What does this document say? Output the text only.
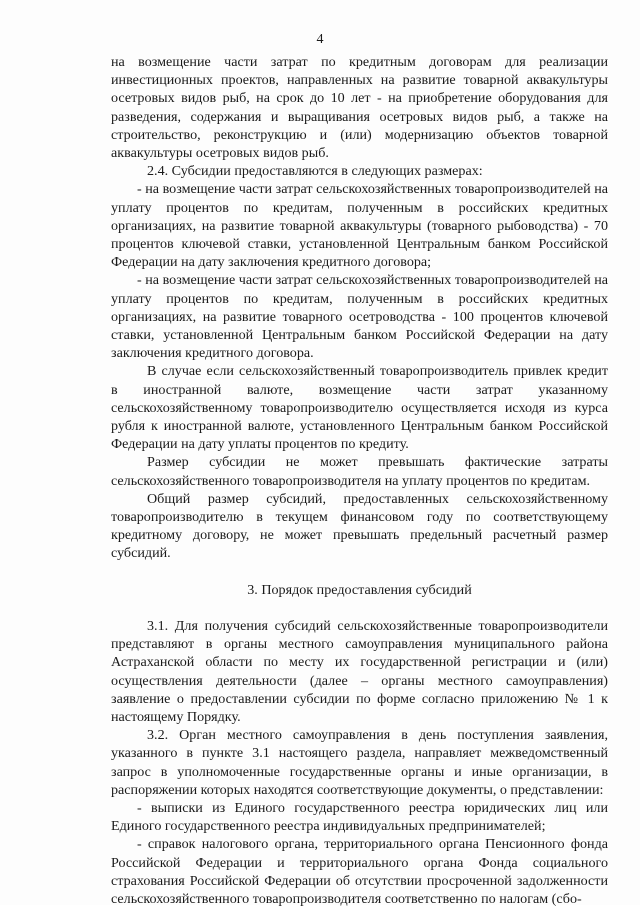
4

на возмещение части затрат по кредитным договорам для реализации инвестиционных проектов, направленных на развитие товарной аквакультуры осетровых видов рыб, на срок до 10 лет - на приобретение оборудования для разведения, содержания и выращивания осетровых видов рыб, а также на строительство, реконструкцию и (или) модернизацию объектов товарной аквакультуры осетровых видов рыб.

2.4. Субсидии предоставляются в следующих размерах:

- на возмещение части затрат сельскохозяйственных товаропроизводителей на уплату процентов по кредитам, полученным в российских кредитных организациях, на развитие товарной аквакультуры (товарного рыбоводства) - 70 процентов ключевой ставки, установленной Центральным банком Российской Федерации на дату заключения кредитного договора;

- на возмещение части затрат сельскохозяйственных товаропроизводителей на уплату процентов по кредитам, полученным в российских кредитных организациях, на развитие товарного осетроводства - 100 процентов ключевой ставки, установленной Центральным банком Российской Федерации на дату заключения кредитного договора.

В случае если сельскохозяйственный товаропроизводитель привлек кредит в иностранной валюте, возмещение части затрат указанному сельскохозяйственному товаропроизводителю осуществляется исходя из курса рубля к иностранной валюте, установленного Центральным банком Российской Федерации на дату уплаты процентов по кредиту.

Размер субсидии не может превышать фактические затраты сельскохозяйственного товаропроизводителя на уплату процентов по кредитам.

Общий размер субсидий, предоставленных сельскохозяйственному товаропроизводителю в текущем финансовом году по соответствующему кредитному договору, не может превышать предельный расчетный размер субсидий.

3. Порядок предоставления субсидий

3.1. Для получения субсидий сельскохозяйственные товаропроизводители представляют в органы местного самоуправления муниципального района Астраханской области по месту их государственной регистрации и (или) осуществления деятельности (далее – органы местного самоуправления) заявление о предоставлении субсидии по форме согласно приложению № 1 к настоящему Порядку.

3.2. Орган местного самоуправления в день поступления заявления, указанного в пункте 3.1 настоящего раздела, направляет межведомственный запрос в уполномоченные государственные органы и иные организации, в распоряжении которых находятся соответствующие документы, о представлении:

- выписки из Единого государственного реестра юридических лиц или Единого государственного реестра индивидуальных предпринимателей;

- справок налогового органа, территориального органа Пенсионного фонда Российской Федерации и территориального органа Фонда социального страхования Российской Федерации об отсутствии просроченной задолженности сельскохозяйственного товаропроизводителя соответственно по налогам (сбо-
